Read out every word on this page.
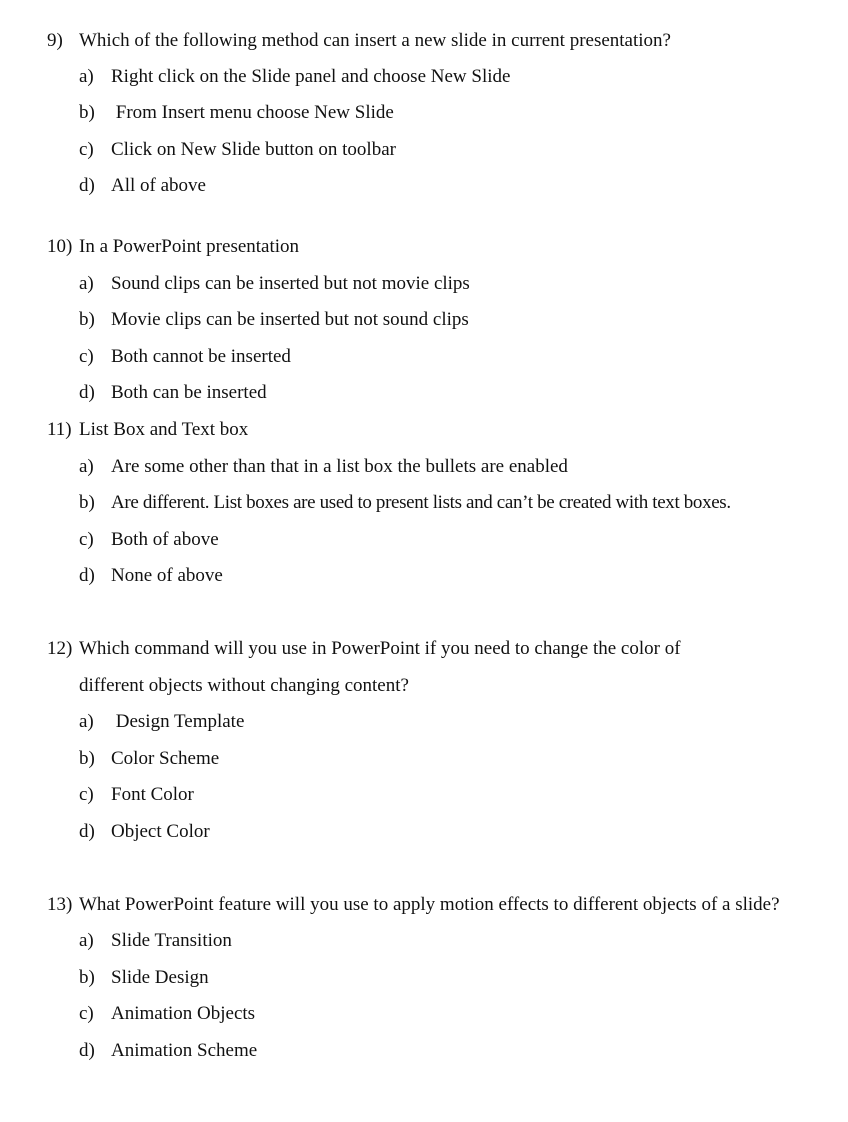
9) Which of the following method can insert a new slide in current presentation?
a) Right click on the Slide panel and choose New Slide
b) From Insert menu choose New Slide
c) Click on New Slide button on toolbar
d) All of above
10) In a PowerPoint presentation
a) Sound clips can be inserted but not movie clips
b) Movie clips can be inserted but not sound clips
c) Both cannot be inserted
d) Both can be inserted
11) List Box and Text box
a) Are some other than that in a list box the bullets are enabled
b) Are different. List boxes are used to present lists and can’t be created with text boxes.
c) Both of above
d) None of above
12) Which command will you use in PowerPoint if you need to change the color of
different objects without changing content?
a) Design Template
b) Color Scheme
c) Font Color
d) Object Color
13) What PowerPoint feature will you use to apply motion effects to different objects of a slide?
a) Slide Transition
b) Slide Design
c) Animation Objects
d) Animation Scheme
